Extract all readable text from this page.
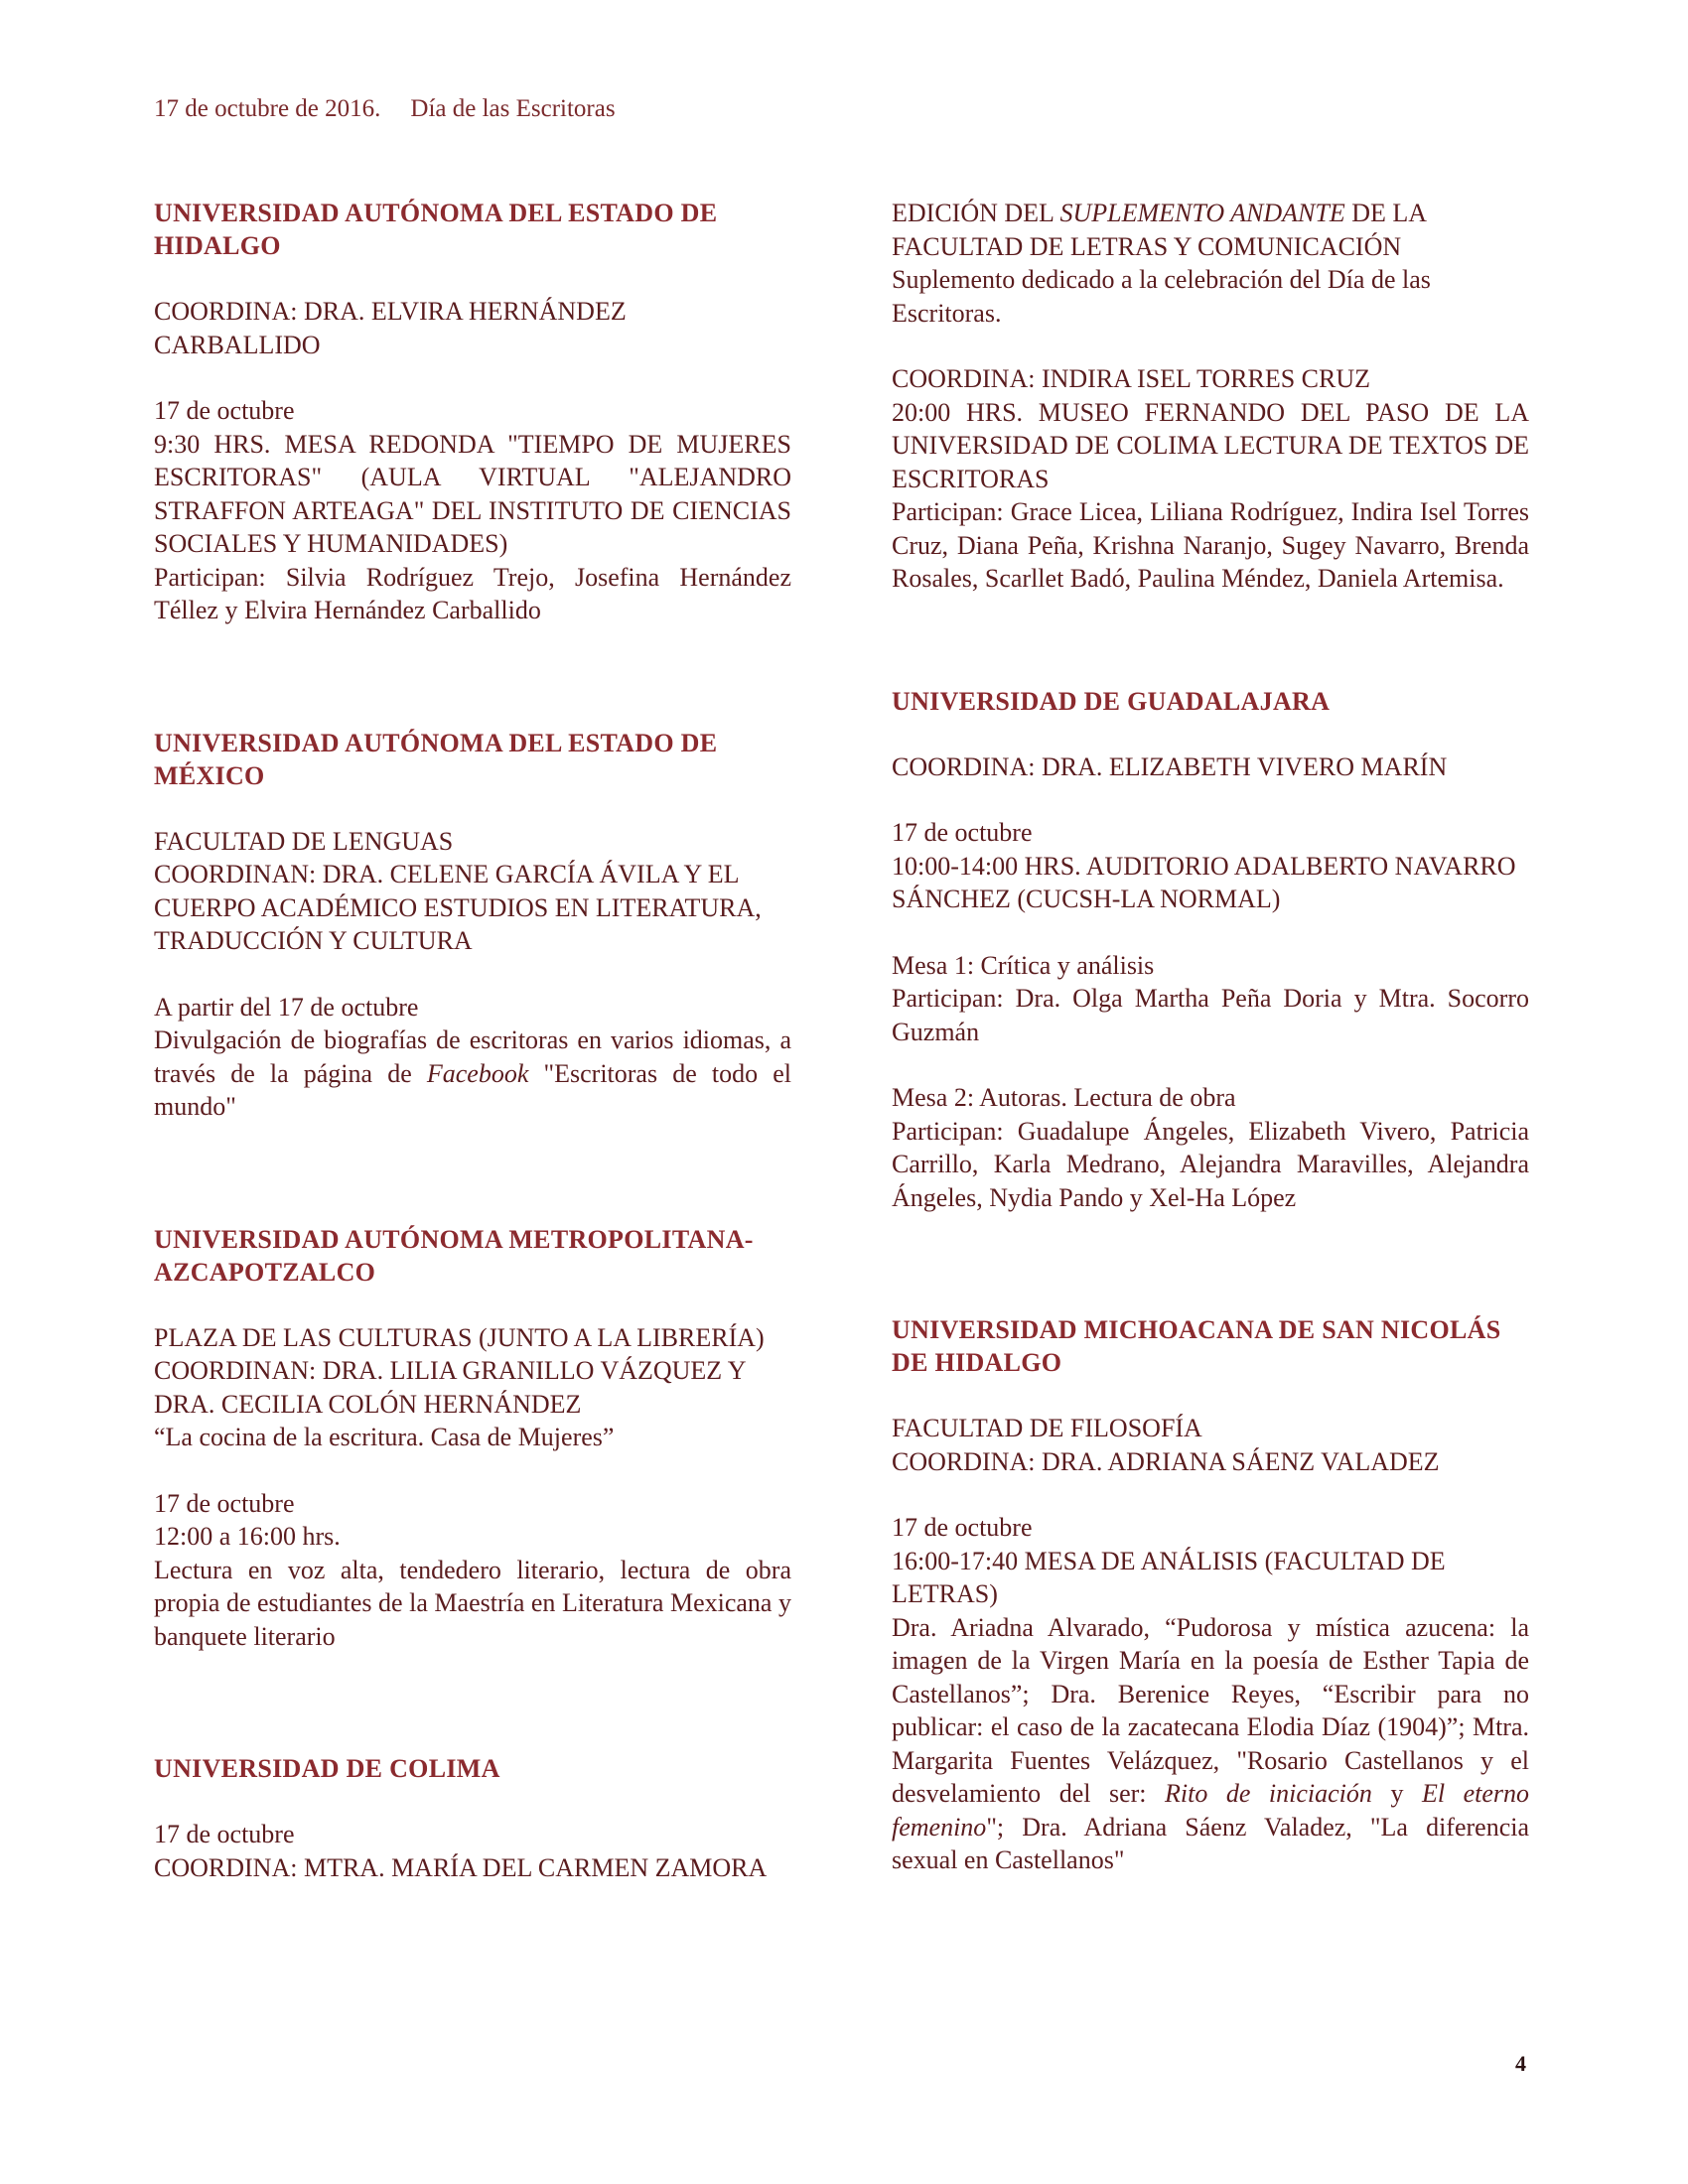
17 de octubre de 2016. Día de las Escritoras
UNIVERSIDAD AUTÓNOMA DEL ESTADO DE HIDALGO

COORDINA: DRA. ELVIRA HERNÁNDEZ CARBALLIDO

17 de octubre

9:30 HRS. MESA REDONDA "TIEMPO DE MUJERES ESCRITORAS" (AULA VIRTUAL "ALEJANDRO STRAFFON ARTEAGA" DEL INSTITUTO DE CIENCIAS SOCIALES Y HUMANIDADES)

Participan: Silvia Rodríguez Trejo, Josefina Hernández Téllez y Elvira Hernández Carballido

UNIVERSIDAD AUTÓNOMA DEL ESTADO DE MÉXICO

FACULTAD DE LENGUAS

COORDINAN: DRA. CELENE GARCÍA ÁVILA Y EL CUERPO ACADÉMICO ESTUDIOS EN LITERATURA, TRADUCCIÓN Y CULTURA

A partir del 17 de octubre

Divulgación de biografías de escritoras en varios idiomas, a través de la página de Facebook "Escritoras de todo el mundo"

UNIVERSIDAD AUTÓNOMA METROPOLITANA-AZCAPOTZALCO

PLAZA DE LAS CULTURAS (JUNTO A LA LIBRERÍA)

COORDINAN: DRA. LILIA GRANILLO VÁZQUEZ Y DRA. CECILIA COLÓN HERNÁNDEZ

“La cocina de la escritura. Casa de Mujeres”

17 de octubre

12:00 a 16:00 hrs.

Lectura en voz alta, tendedero literario, lectura de obra propia de estudiantes de la Maestría en Literatura Mexicana y banquete literario

UNIVERSIDAD DE COLIMA

17 de octubre

COORDINA: MTRA. MARÍA DEL CARMEN ZAMORA

EDICIÓN DEL SUPLEMENTO ANDANTE DE LA FACULTAD DE LETRAS Y COMUNICACIÓN

Suplemento dedicado a la celebración del Día de las Escritoras.

COORDINA: INDIRA ISEL TORRES CRUZ

20:00 HRS. MUSEO FERNANDO DEL PASO DE LA UNIVERSIDAD DE COLIMA LECTURA DE TEXTOS DE ESCRITORAS

Participan: Grace Licea, Liliana Rodríguez, Indira Isel Torres Cruz, Diana Peña, Krishna Naranjo, Sugey Navarro, Brenda Rosales, Scarllet Badó, Paulina Méndez, Daniela Artemisa.

UNIVERSIDAD DE GUADALAJARA

COORDINA: DRA. ELIZABETH VIVERO MARÍN

17 de octubre

10:00-14:00 HRS. AUDITORIO ADALBERTO NAVARRO SÁNCHEZ (CUCSH-LA NORMAL)

Mesa 1: Crítica y análisis

Participan: Dra. Olga Martha Peña Doria y Mtra. Socorro Guzmán

Mesa 2: Autoras. Lectura de obra

Participan: Guadalupe Ángeles, Elizabeth Vivero, Patricia Carrillo, Karla Medrano, Alejandra Maravilles, Alejandra Ángeles, Nydia Pando y Xel-Ha López

UNIVERSIDAD MICHOACANA DE SAN NICOLÁS DE HIDALGO

FACULTAD DE FILOSOFÍA

COORDINA: DRA. ADRIANA SÁENZ VALADEZ

17 de octubre

16:00-17:40 MESA DE ANÁLISIS (FACULTAD DE LETRAS)

Dra. Ariadna Alvarado, “Pudorosa y mística azucena: la imagen de la Virgen María en la poesía de Esther Tapia de Castellanos”; Dra. Berenice Reyes, “Escribir para no publicar: el caso de la zacatecana Elodia Díaz (1904)”; Mtra. Margarita Fuentes Velázquez, "Rosario Castellanos y el desvelamiento del ser: Rito de iniciación y El eterno femenino"; Dra. Adriana Sáenz Valadez, "La diferencia sexual en Castellanos"

4
